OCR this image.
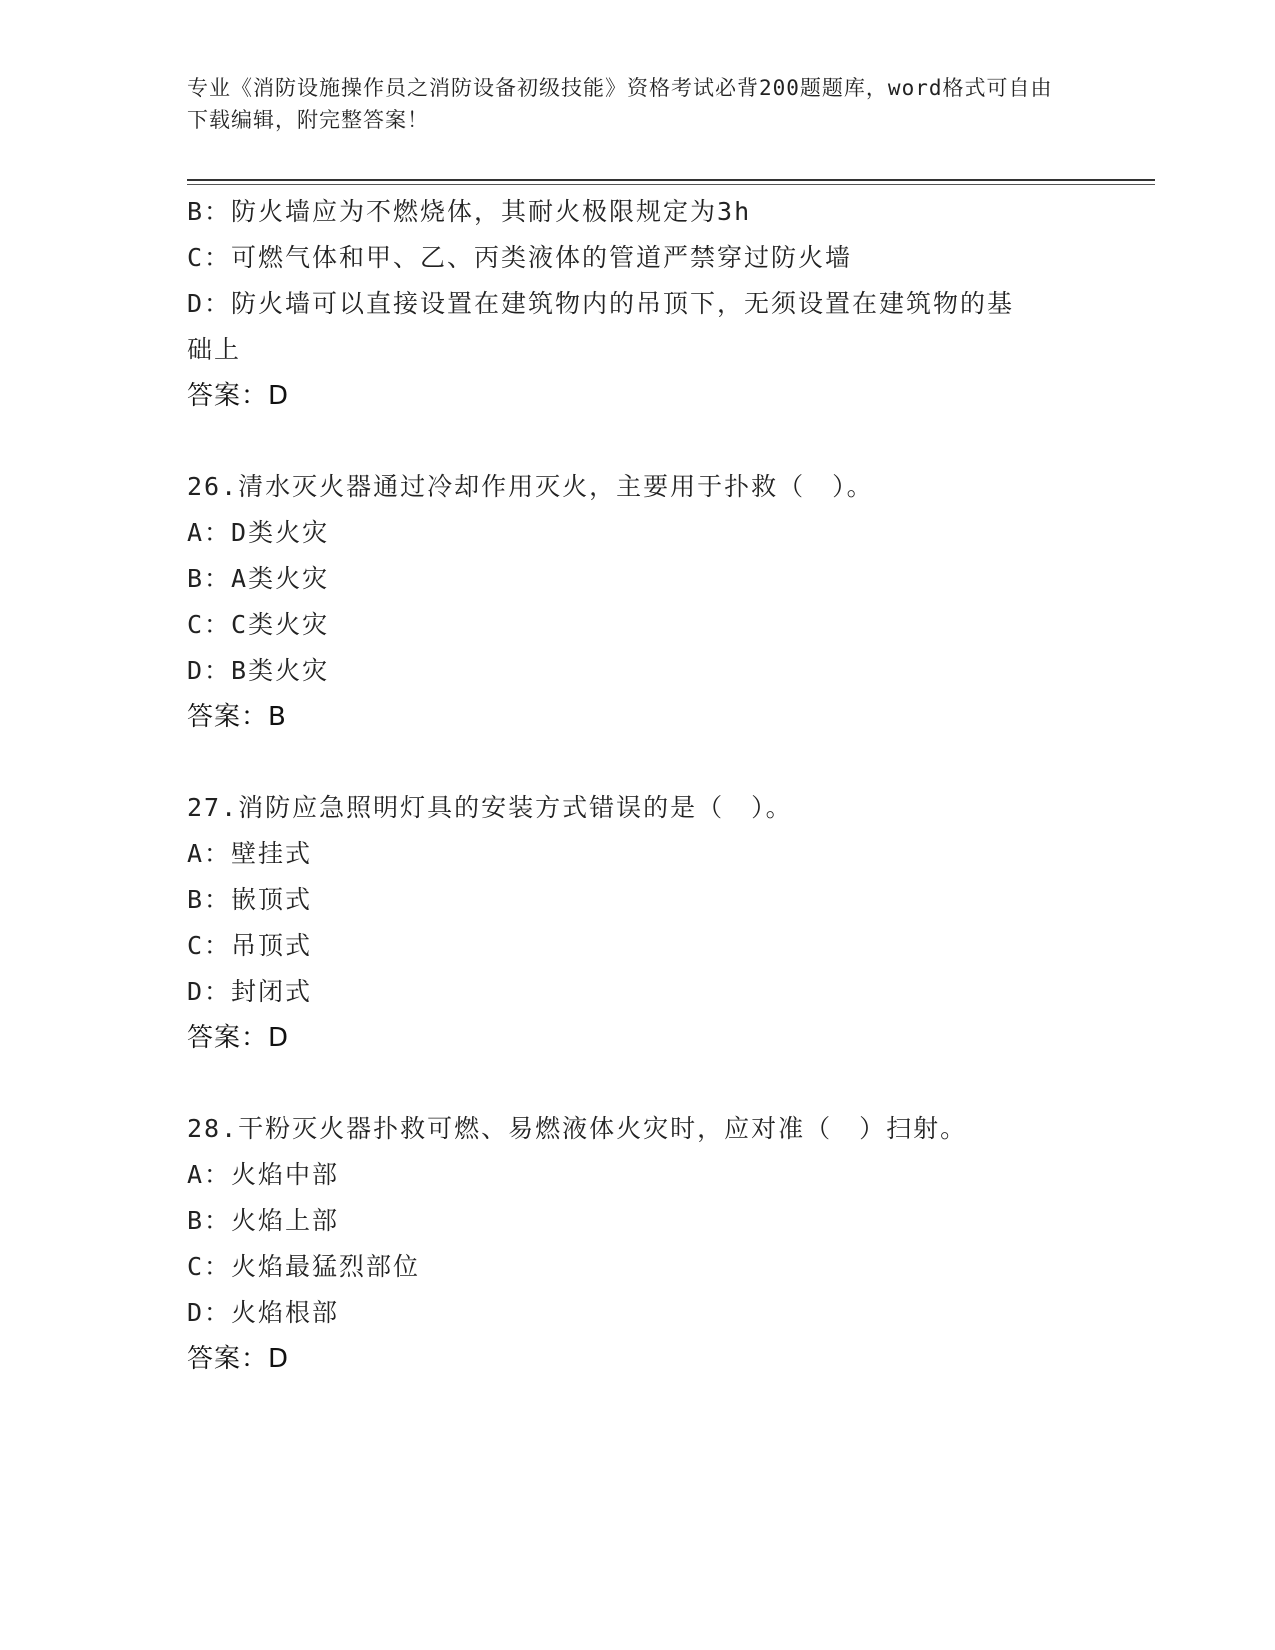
专业《消防设施操作员之消防设备初级技能》资格考试必背200题题库，word格式可自由下载编辑，附完整答案！
B：防火墙应为不燃烧体，其耐火极限规定为3h
C：可燃气体和甲、乙、丙类液体的管道严禁穿过防火墙
D：防火墙可以直接设置在建筑物内的吊顶下，无须设置在建筑物的基
础上
答案：D
26.清水灭火器通过冷却作用灭火，主要用于扑救（　）。
A：D类火灾
B：A类火灾
C：C类火灾
D：B类火灾
答案：B
27.消防应急照明灯具的安装方式错误的是（　）。
A：壁挂式
B：嵌顶式
C：吊顶式
D：封闭式
答案：D
28.干粉灭火器扑救可燃、易燃液体火灾时，应对准（　）扫射。
A：火焰中部
B：火焰上部
C：火焰最猛烈部位
D：火焰根部
答案：D
